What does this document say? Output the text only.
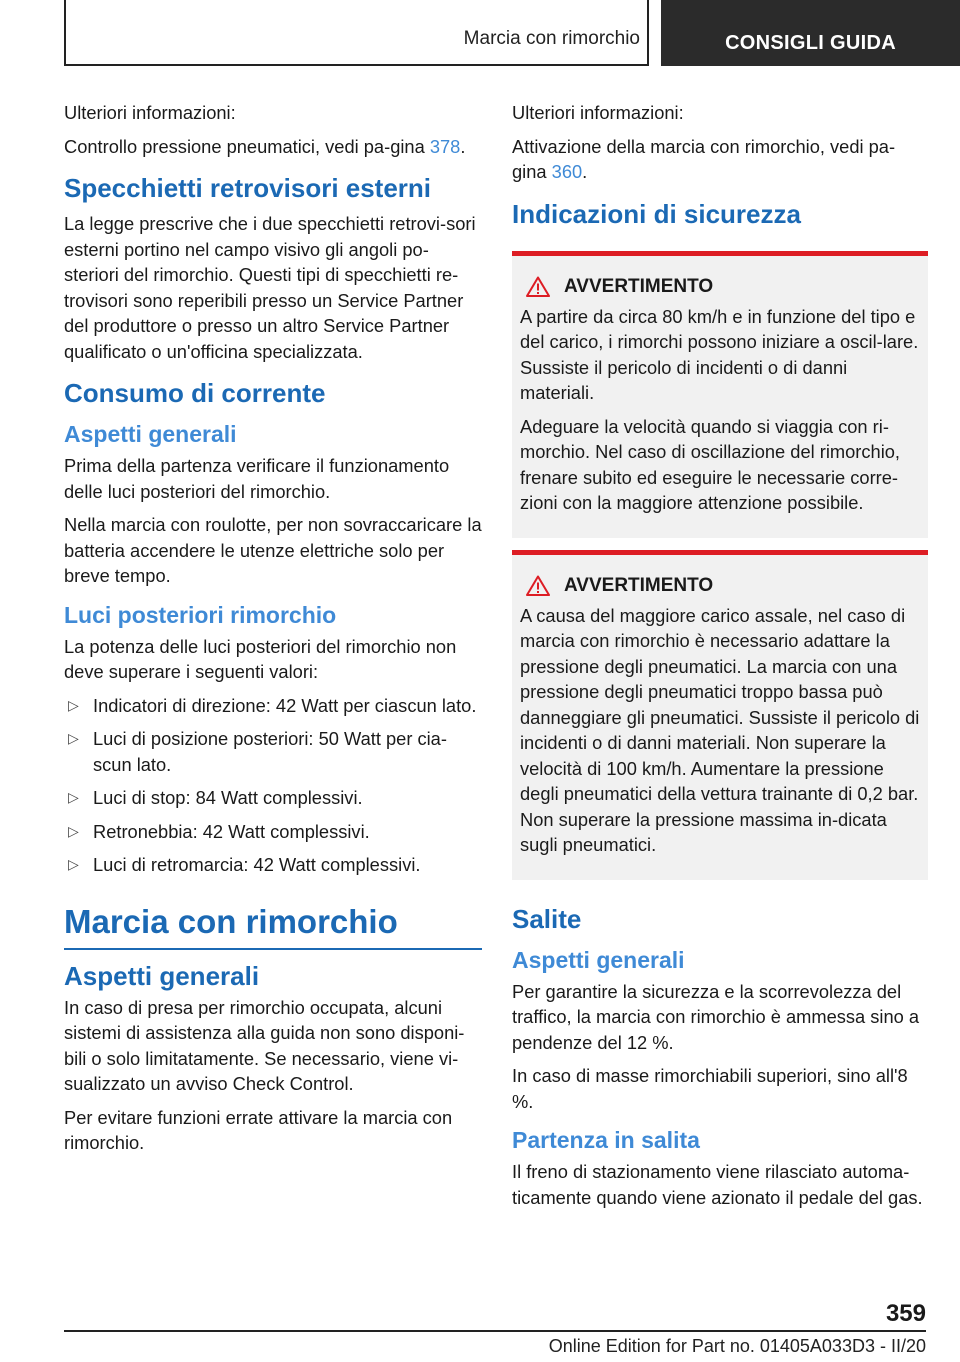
Marcia con rimorchio	CONSIGLI GUIDA

Ulteriori informazioni:

Controllo pressione pneumatici, vedi pa-gina 378.

Specchietti retrovisori esterni

La legge prescrive che i due specchietti retrovi-sori esterni portino nel campo visivo gli angoli po-steriori del rimorchio. Questi tipi di specchietti re-trovisori sono reperibili presso un Service Partner del produttore o presso un altro Service Partner qualificato o un'officina specializzata.

Consumo di corrente
Aspetti generali

Prima della partenza verificare il funzionamento delle luci posteriori del rimorchio.

Nella marcia con roulotte, per non sovraccaricare la batteria accendere le utenze elettriche solo per breve tempo.

Luci posteriori rimorchio

La potenza delle luci posteriori del rimorchio non deve superare i seguenti valori:

▷ Indicatori di direzione: 42 Watt per ciascun lato.
▷ Luci di posizione posteriori: 50 Watt per cia-scun lato.
▷ Luci di stop: 84 Watt complessivi.
▷ Retronebbia: 42 Watt complessivi.
▷ Luci di retromarcia: 42 Watt complessivi.
Marcia con rimorchio
Aspetti generali

In caso di presa per rimorchio occupata, alcuni sistemi di assistenza alla guida non sono disponi-bili o solo limitatamente. Se necessario, viene vi-sualizzato un avviso Check Control.

Per evitare funzioni errate attivare la marcia con rimorchio.

Ulteriori informazioni:

Attivazione della marcia con rimorchio, vedi pa-gina 360.

Indicazioni di sicurezza
AVVERTIMENTO

A partire da circa 80 km/h e in funzione del tipo e del carico, i rimorchi possono iniziare a oscil-lare. Sussiste il pericolo di incidenti o di danni materiali.

Adeguare la velocità quando si viaggia con ri-morchio. Nel caso di oscillazione del rimorchio, frenare subito ed eseguire le necessarie corre-zioni con la maggiore attenzione possibile.

AVVERTIMENTO

A causa del maggiore carico assale, nel caso di marcia con rimorchio è necessario adattare la pressione degli pneumatici. La marcia con una pressione degli pneumatici troppo bassa può danneggiare gli pneumatici. Sussiste il pericolo di incidenti o di danni materiali. Non superare la velocità di 100 km/h. Aumentare la pressione degli pneumatici della vettura trainante di 0,2 bar. Non superare la pressione massima in-dicata sugli pneumatici.

Salite
Aspetti generali

Per garantire la sicurezza e la scorrevolezza del traffico, la marcia con rimorchio è ammessa sino a pendenze del 12 %.

In caso di masse rimorchiabili superiori, sino all'8 %.

Partenza in salita

Il freno di stazionamento viene rilasciato automa-ticamente quando viene azionato il pedale del gas.

359
Online Edition for Part no. 01405A033D3 - II/20
